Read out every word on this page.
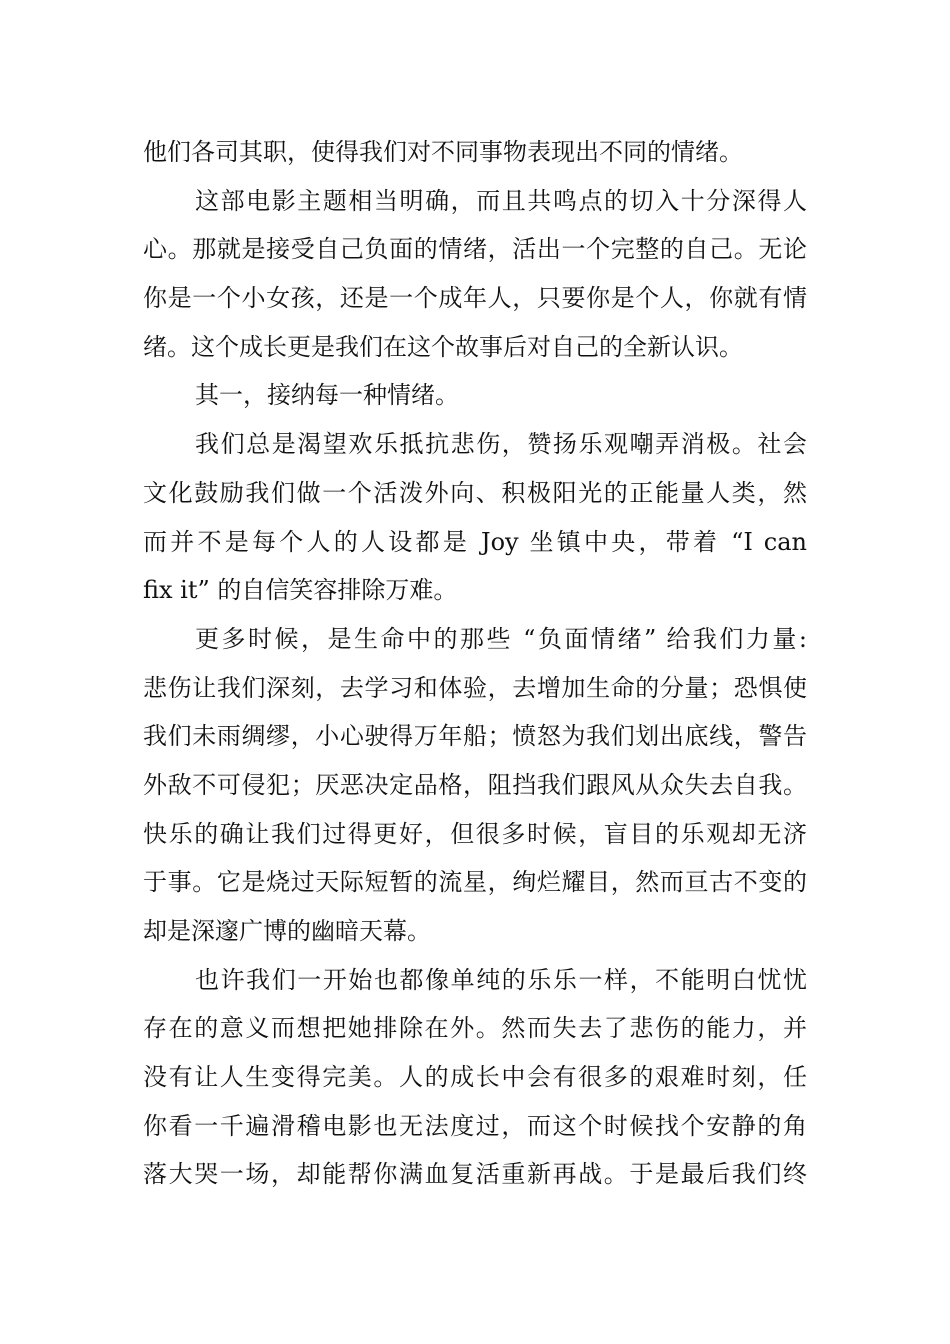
他们各司其职，使得我们对不同事物表现出不同的情绪。
这部电影主题相当明确，而且共鸣点的切入十分深得人
心。那就是接受自己负面的情绪，活出一个完整的自己。无论
你是一个小女孩，还是一个成年人，只要你是个人，你就有情
绪。这个成长更是我们在这个故事后对自己的全新认识。
其一，接纳每一种情绪。
我们总是渴望欢乐抵抗悲伤，赞扬乐观嘲弄消极。社会
文化鼓励我们做一个活泼外向、积极阳光的正能量人类，然
而并不是每个人的人设都是 Joy 坐镇中央，带着 “I can
fix it” 的自信笑容排除万难。
更多时候，是生命中的那些 “负面情绪” 给我们力量:
悲伤让我们深刻，去学习和体验，去增加生命的分量；恐惧使
我们未雨绸缪，小心驶得万年船；愤怒为我们划出底线，警告
外敌不可侵犯；厌恶决定品格，阻挡我们跟风从众失去自我。
快乐的确让我们过得更好，但很多时候，盲目的乐观却无济
于事。它是烧过天际短暂的流星，绚烂耀目，然而亘古不变的
却是深邃广博的幽暗天幕。
也许我们一开始也都像单纯的乐乐一样，不能明白忧忧
存在的意义而想把她排除在外。然而失去了悲伤的能力，并
没有让人生变得完美。人的成长中会有很多的艰难时刻，任
你看一千遍滑稽电影也无法度过，而这个时候找个安静的角
落大哭一场，却能帮你满血复活重新再战。于是最后我们终
